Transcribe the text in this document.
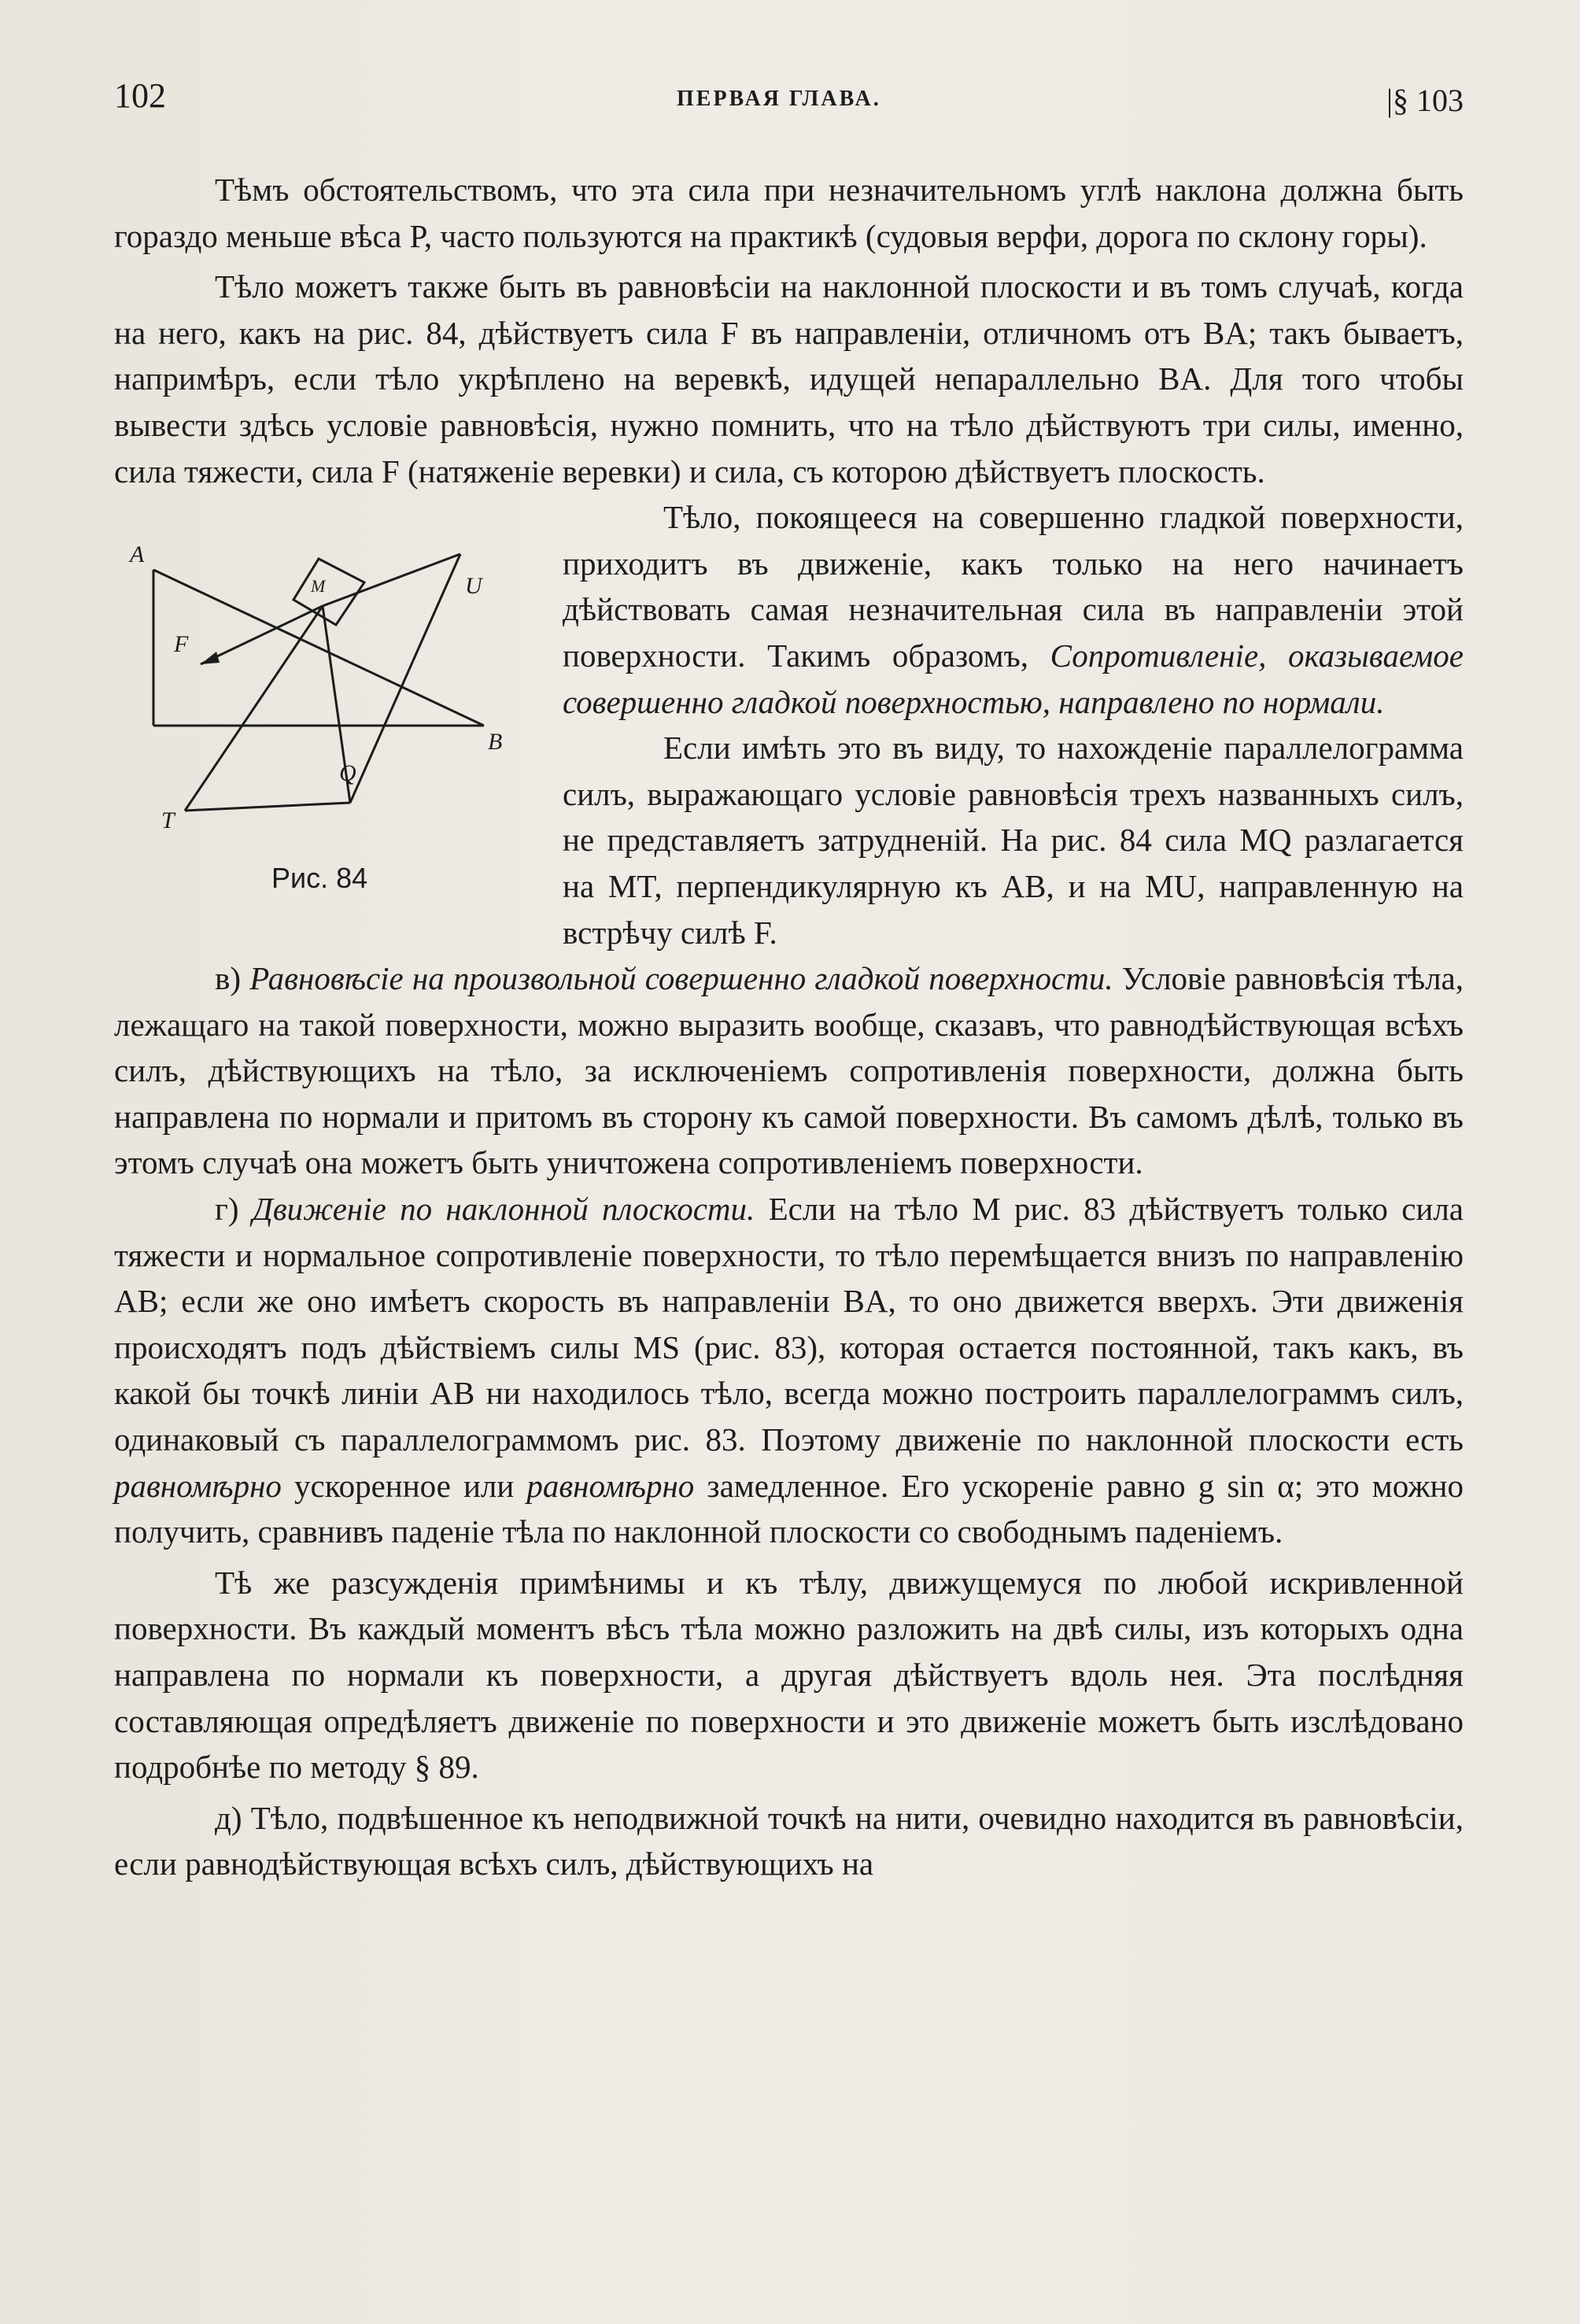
102	ПЕРВАЯ ГЛАВА.	|§ 103

Тѣмъ обстоятельствомъ, что эта сила при незначительномъ углѣ наклона должна быть гораздо меньше вѣса P, часто пользуются на практикѣ (судовыя верфи, дорога по склону горы).

Тѣло можетъ также быть въ равновѣсіи на наклонной плоскости и въ томъ случаѣ, когда на него, какъ на рис. 84, дѣйствуетъ сила F въ направленіи, отличномъ отъ BA; такъ бываетъ, напримѣръ, если тѣло укрѣплено на веревкѣ, идущей непараллельно BA. Для того чтобы вывести здѣсь условіе равновѣсія, нужно помнить, что на тѣло дѣйствуютъ три силы, именно, сила тяжести, сила F (натяженіе веревки) и сила, съ которою дѣйствуетъ плоскость.

A
U
M
F
B
Q
T
Рис. 84

Тѣло, покоящееся на совершенно гладкой поверхности, приходитъ въ движеніе, какъ только на него начинаетъ дѣйствовать самая незначительная сила въ направленіи этой поверхности. Такимъ образомъ, Сопротивленіе, оказываемое совершенно гладкой поверхностью, направлено по нормали.

Если имѣть это въ виду, то нахожденіе параллелограмма силъ, выражающаго условіе равновѣсія трехъ названныхъ силъ, не представляетъ затрудненій. На рис. 84 сила MQ разлагается на MT, перпендикулярную къ AB, и на MU, направленную на встрѣчу силѣ F.

в) Равновѣсіе на произвольной совершенно гладкой поверхности. Условіе равновѣсія тѣла, лежащаго на такой поверхности, можно выразить вообще, сказавъ, что равнодѣйствующая всѣхъ силъ, дѣйствующихъ на тѣло, за исключеніемъ сопротивленія поверхности, должна быть направлена по нормали и притомъ въ сторону къ самой поверхности. Въ самомъ дѣлѣ, только въ этомъ случаѣ она можетъ быть уничтожена сопротивленіемъ поверхности.

г) Движеніе по наклонной плоскости. Если на тѣло M рис. 83 дѣйствуетъ только сила тяжести и нормальное сопротивленіе поверхности, то тѣло перемѣщается внизъ по направленію AB; если же оно имѣетъ скорость въ направленіи BA, то оно движется вверхъ. Эти движенія происходятъ подъ дѣйствіемъ силы MS (рис. 83), которая остается постоянной, такъ какъ, въ какой бы точкѣ линіи AB ни находилось тѣло, всегда можно построить параллелограммъ силъ, одинаковый съ параллелограммомъ рис. 83. Поэтому движеніе по наклонной плоскости есть равномѣрно ускоренное или равномѣрно замедленное. Его ускореніе равно g sin α; это можно получить, сравнивъ паденіе тѣла по наклонной плоскости со свободнымъ паденіемъ.

Тѣ же разсужденія примѣнимы и къ тѣлу, движущемуся по любой искривленной поверхности. Въ каждый моментъ вѣсъ тѣла можно разложить на двѣ силы, изъ которыхъ одна направлена по нормали къ поверхности, а другая дѣйствуетъ вдоль нея. Эта послѣдняя составляющая опредѣляетъ движеніе по поверхности и это движеніе можетъ быть изслѣдовано подробнѣе по методу § 89.

д) Тѣло, подвѣшенное къ неподвижной точкѣ на нити, очевидно находится въ равновѣсіи, если равнодѣйствующая всѣхъ силъ, дѣйствующихъ на
